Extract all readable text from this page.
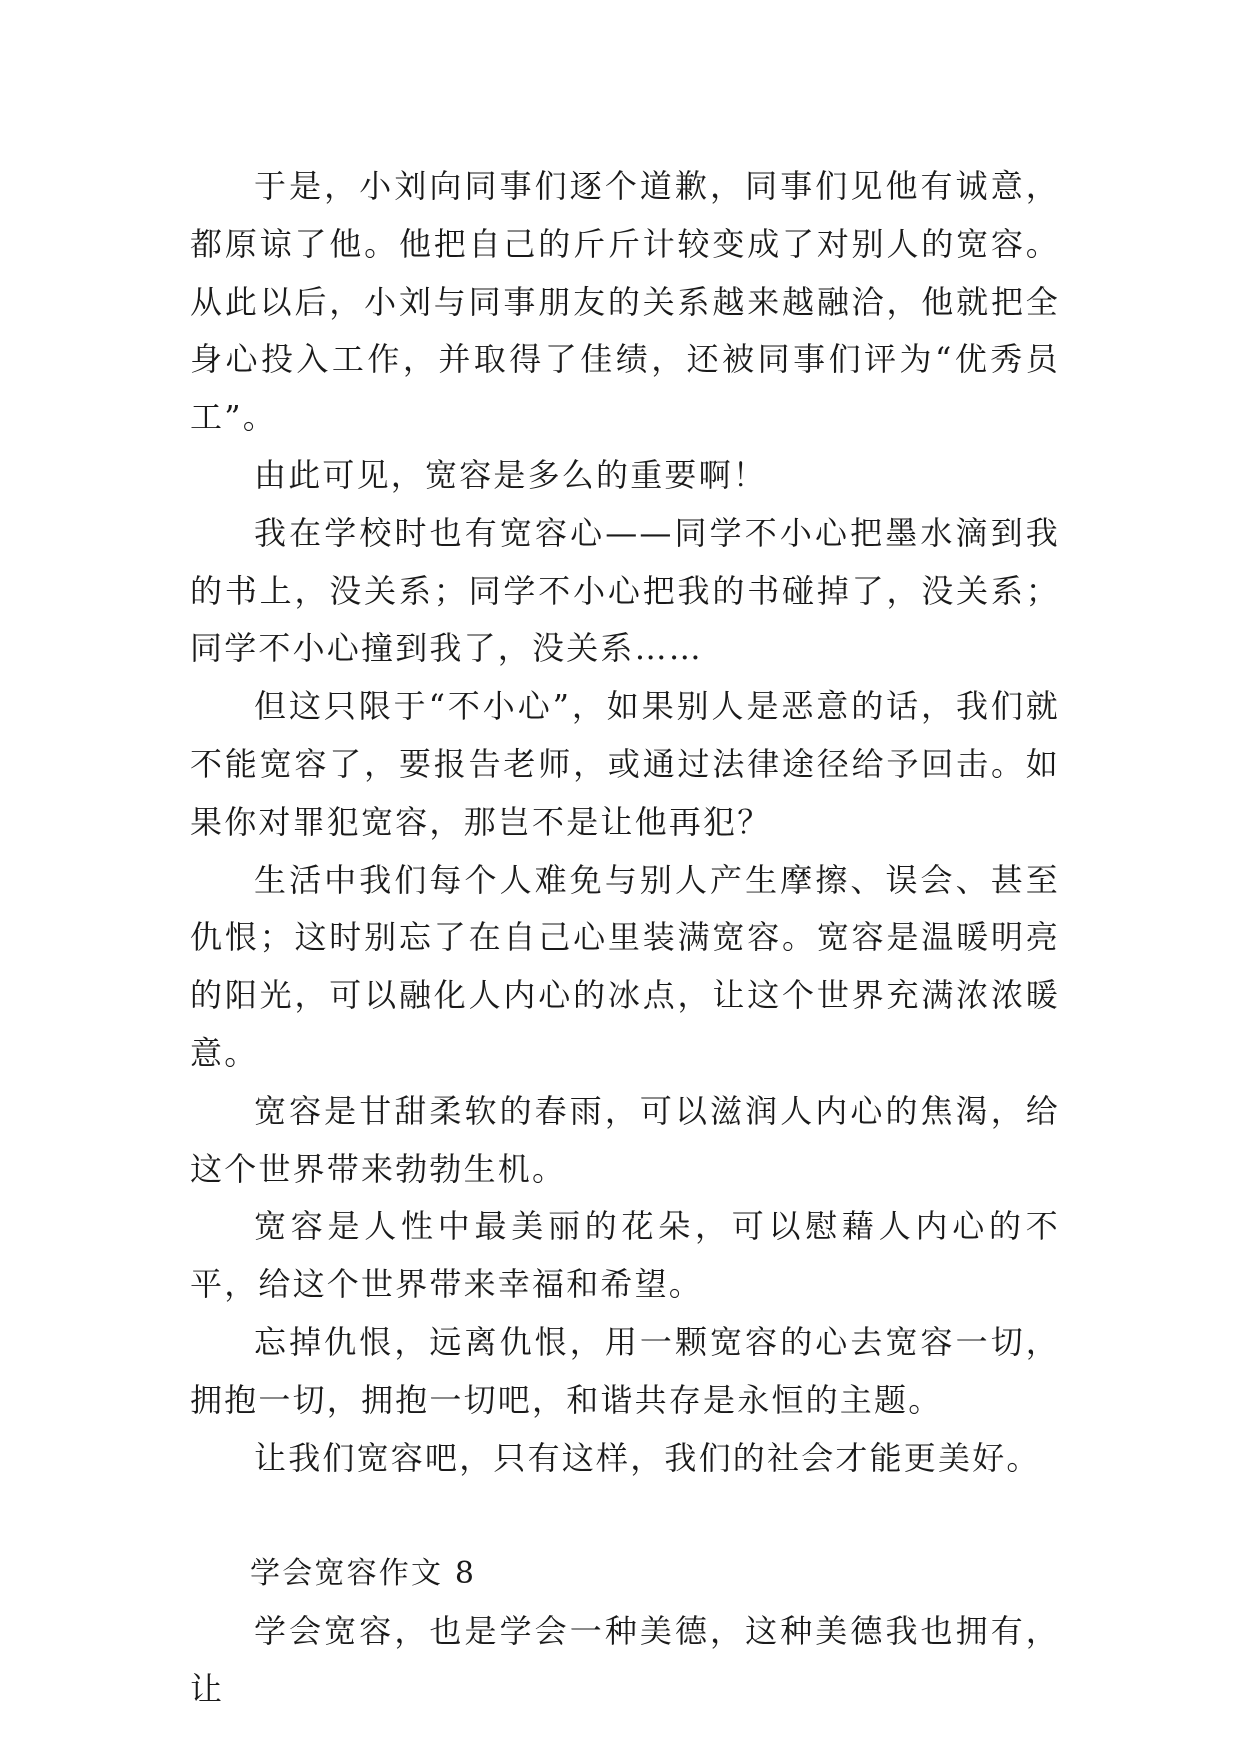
于是，小刘向同事们逐个道歉，同事们见他有诚意，都原谅了他。他把自己的斤斤计较变成了对别人的宽容。从此以后，小刘与同事朋友的关系越来越融洽，他就把全身心投入工作，并取得了佳绩，还被同事们评为“优秀员工”。

由此可见，宽容是多么的重要啊！

我在学校时也有宽容心——同学不小心把墨水滴到我的书上，没关系；同学不小心把我的书碰掉了，没关系；同学不小心撞到我了，没关系……

但这只限于“不小心”，如果别人是恶意的话，我们就不能宽容了，要报告老师，或通过法律途径给予回击。如果你对罪犯宽容，那岂不是让他再犯？

生活中我们每个人难免与别人产生摩擦、误会、甚至仇恨；这时别忘了在自己心里装满宽容。宽容是温暖明亮的阳光，可以融化人内心的冰点，让这个世界充满浓浓暖意。

宽容是甘甜柔软的春雨，可以滋润人内心的焦渴，给这个世界带来勃勃生机。

宽容是人性中最美丽的花朵，可以慰藉人内心的不平，给这个世界带来幸福和希望。

忘掉仇恨，远离仇恨，用一颗宽容的心去宽容一切，拥抱一切，拥抱一切吧，和谐共存是永恒的主题。

让我们宽容吧，只有这样，我们的社会才能更美好。

学会宽容作文 8

学会宽容，也是学会一种美德，这种美德我也拥有，让
